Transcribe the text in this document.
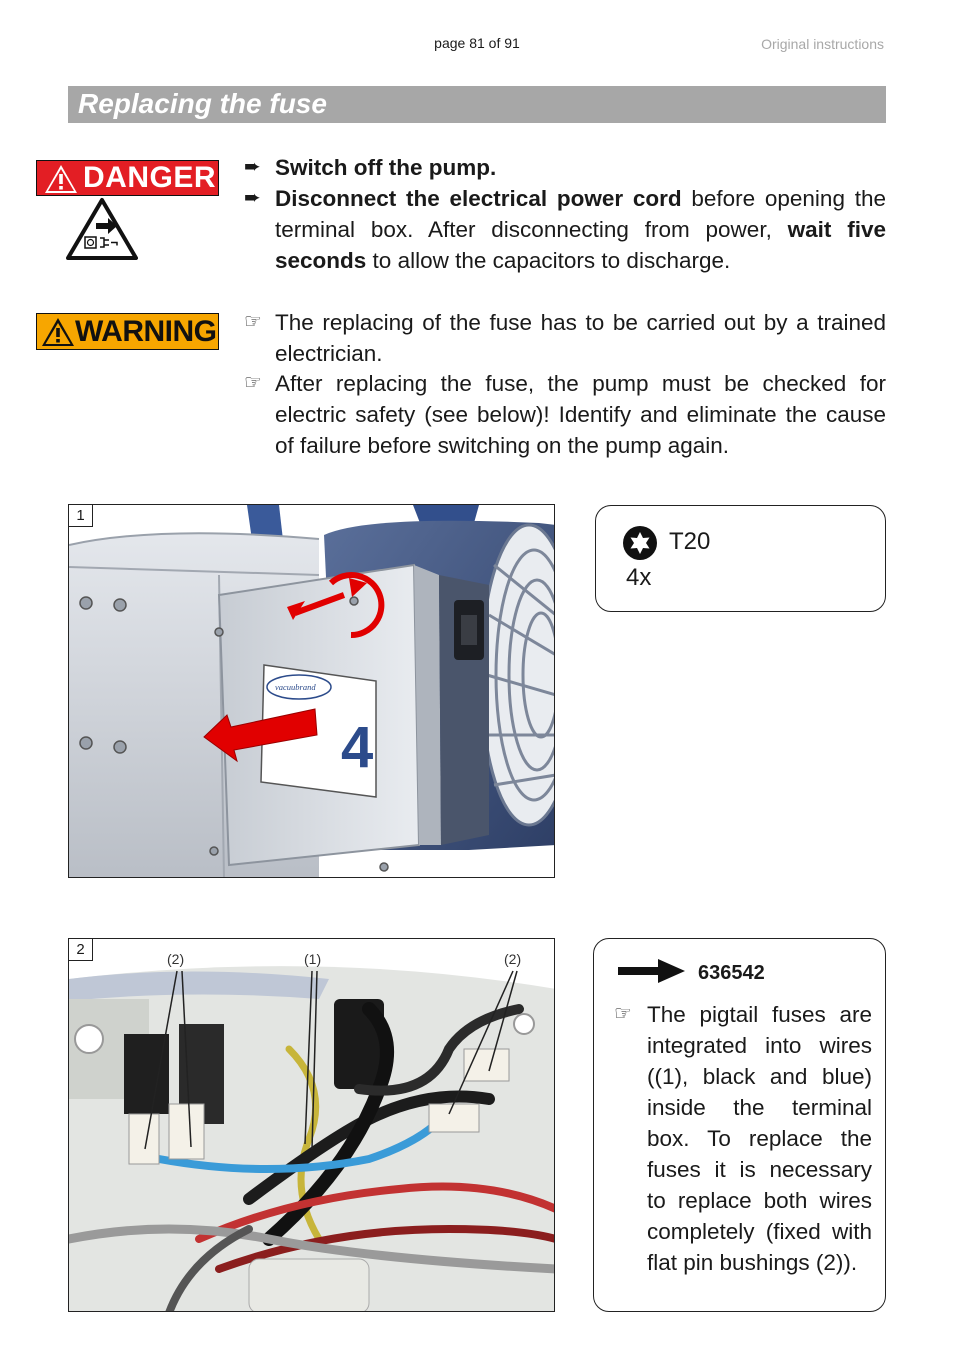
page 81 of 91	Original instructions
Replacing the fuse
DANGER ➨ Switch off the pump.
➨ Disconnect the electrical power cord before opening the terminal box. After disconnecting from power, wait five seconds to allow the capacitors to discharge.
WARNING ☞ The replacing of the fuse has to be carried out by a trained electrician.
☞ After replacing the fuse, the pump must be checked for electric safety (see below)! Identify and eliminate the cause of failure before switching on the pump again.
1
vacuubrand
4
T20
4x
2
(2)	(1)	(2)
636542
☞ The pigtail fuses are integrated into wires ((1), black and blue) inside the terminal box. To replace the fuses it is necessary to replace both wires completely (fixed with flat pin bushings (2)).
